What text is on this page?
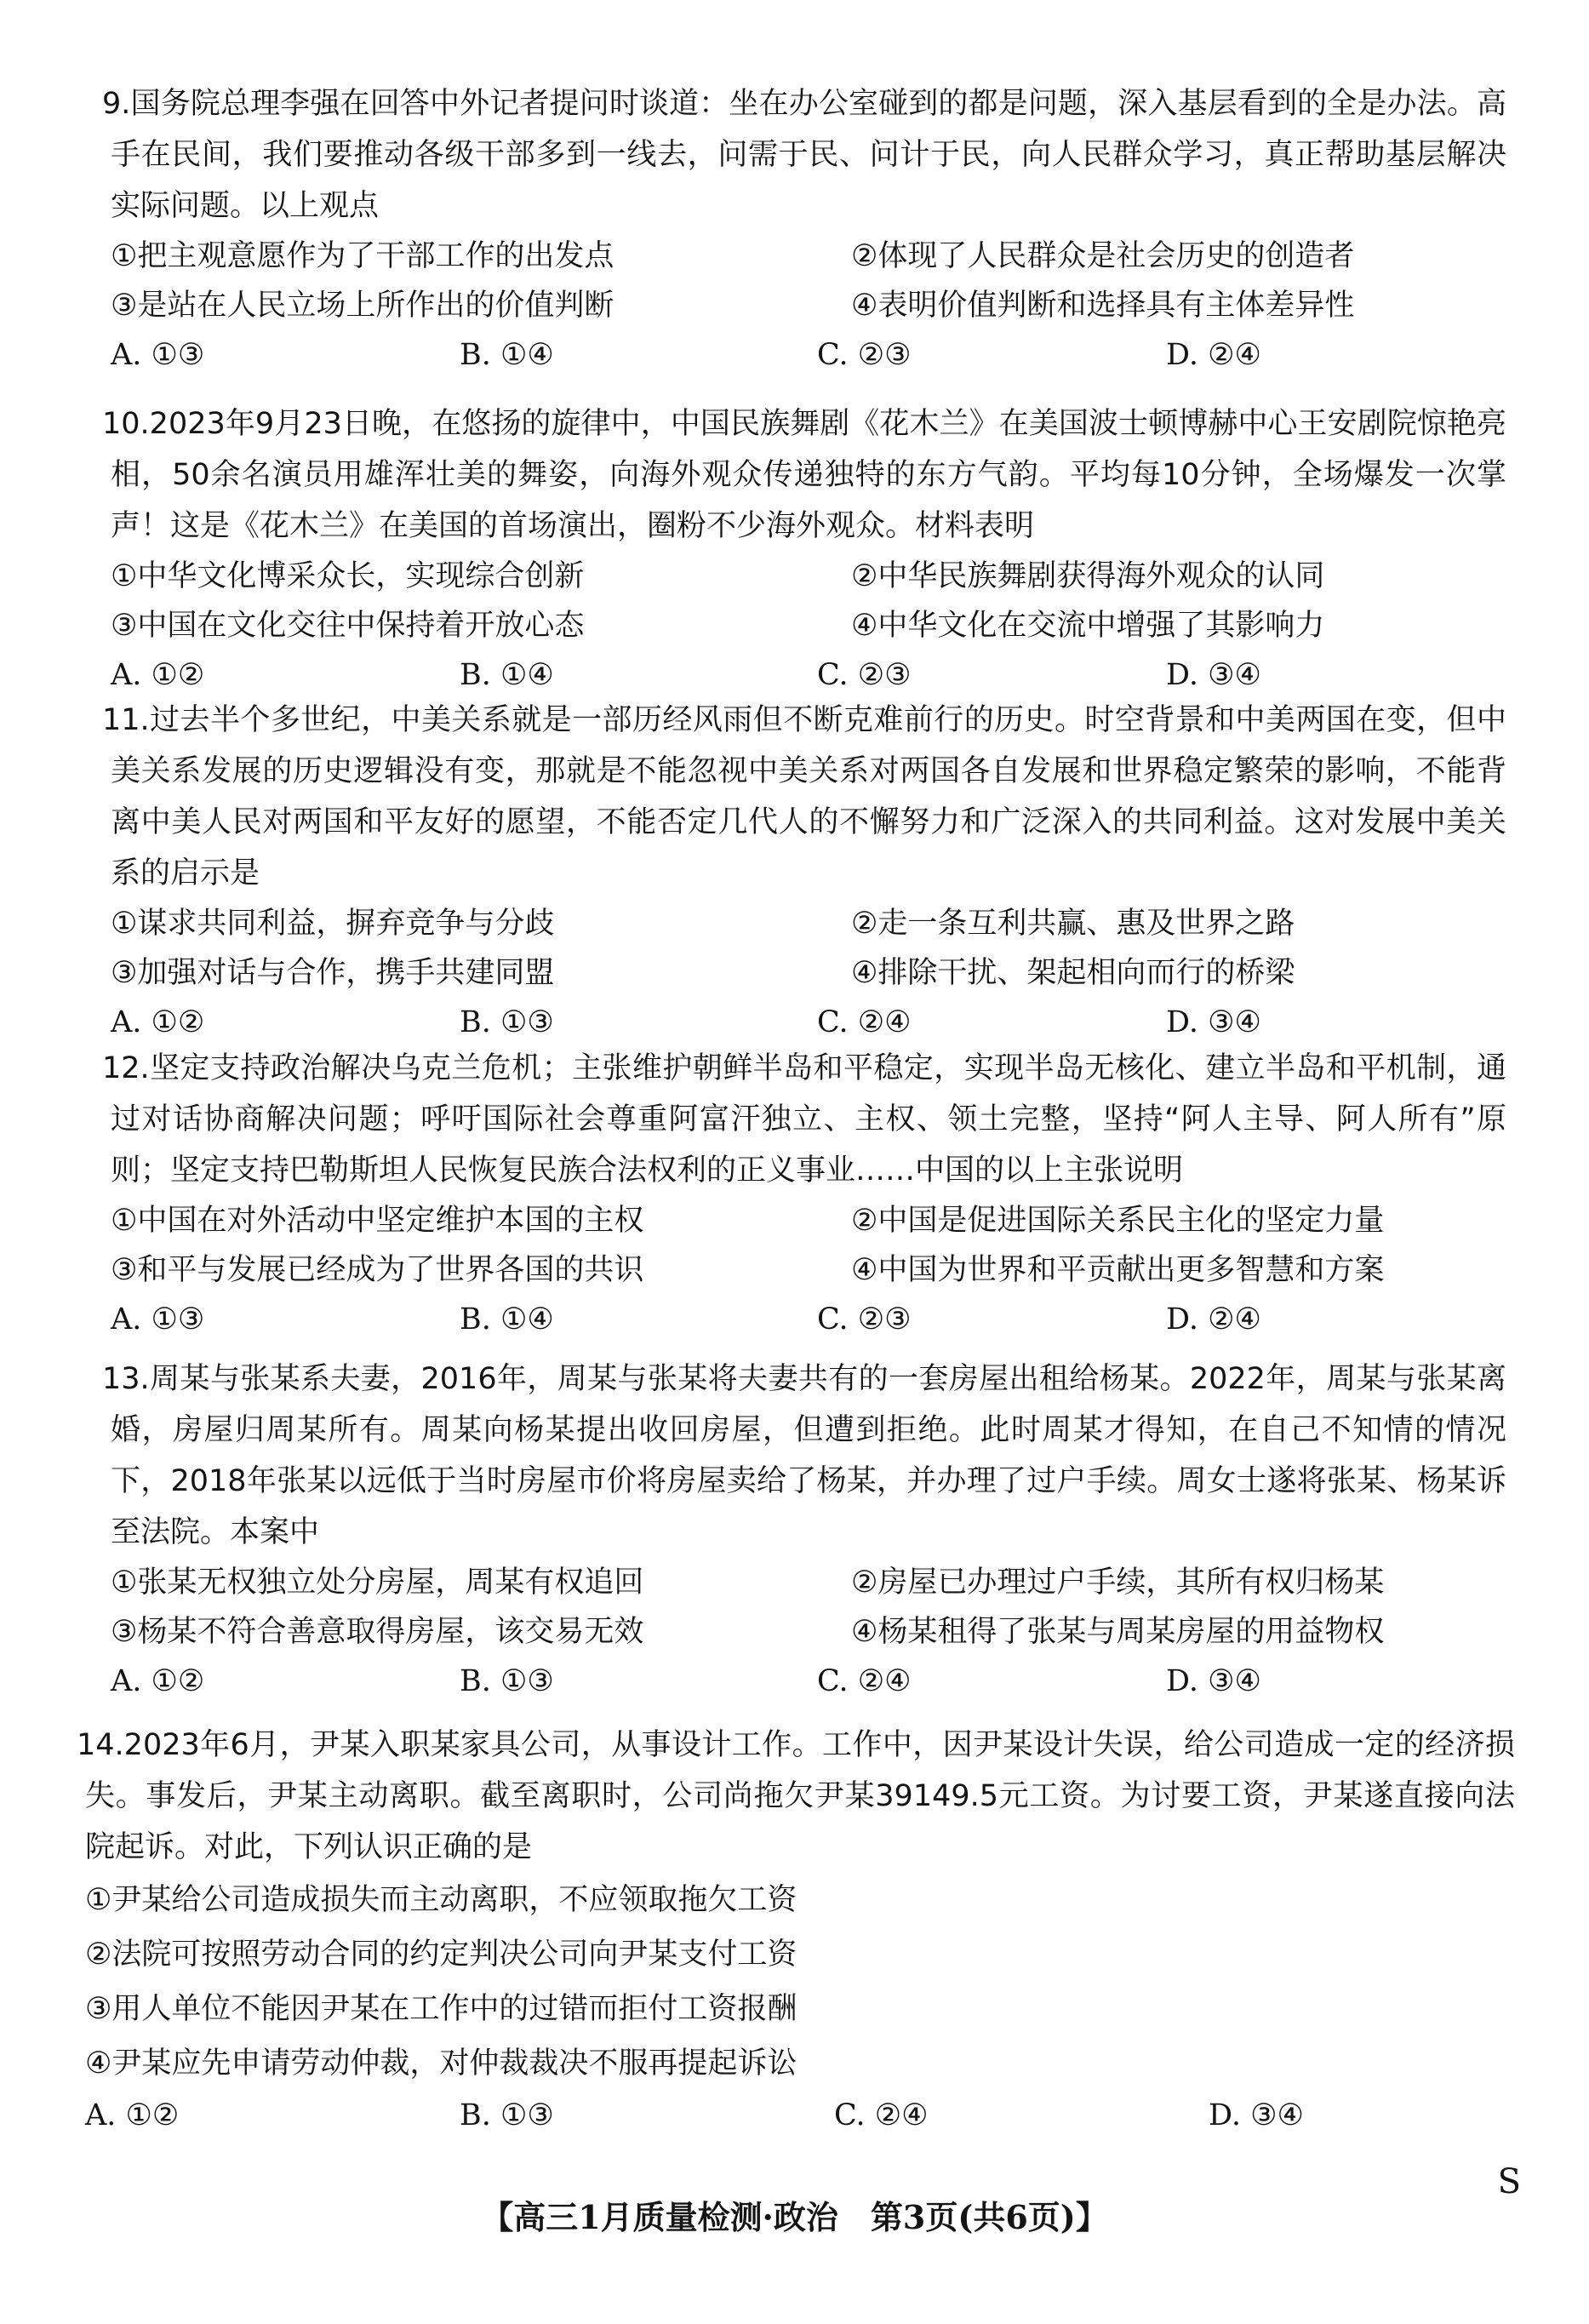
9.国务院总理李强在回答中外记者提问时谈道：坐在办公室碰到的都是问题，深入基层看到的全是办法。高手在民间，我们要推动各级干部多到一线去，问需于民、问计于民，向人民群众学习，真正帮助基层解决实际问题。以上观点

①把主观意愿作为了干部工作的出发点	②体现了人民群众是社会历史的创造者
③是站在人民立场上所作出的价值判断	④表明价值判断和选择具有主体差异性
A. ①③	B. ①④	C. ②③	D. ②④

10.2023年9月23日晚，在悠扬的旋律中，中国民族舞剧《花木兰》在美国波士顿博赫中心王安剧院惊艳亮相，50余名演员用雄浑壮美的舞姿，向海外观众传递独特的东方气韵。平均每10分钟，全场爆发一次掌声！这是《花木兰》在美国的首场演出，圈粉不少海外观众。材料表明

①中华文化博采众长，实现综合创新	②中华民族舞剧获得海外观众的认同
③中国在文化交往中保持着开放心态	④中华文化在交流中增强了其影响力
A. ①②	B. ①④	C. ②③	D. ③④

11.过去半个多世纪，中美关系就是一部历经风雨但不断克难前行的历史。时空背景和中美两国在变，但中美关系发展的历史逻辑没有变，那就是不能忽视中美关系对两国各自发展和世界稳定繁荣的影响，不能背离中美人民对两国和平友好的愿望，不能否定几代人的不懈努力和广泛深入的共同利益。这对发展中美关系的启示是

①谋求共同利益，摒弃竞争与分歧	②走一条互利共赢、惠及世界之路
③加强对话与合作，携手共建同盟	④排除干扰、架起相向而行的桥梁
A. ①②	B. ①③	C. ②④	D. ③④

12.坚定支持政治解决乌克兰危机；主张维护朝鲜半岛和平稳定，实现半岛无核化、建立半岛和平机制，通过对话协商解决问题；呼吁国际社会尊重阿富汗独立、主权、领土完整，坚持“阿人主导、阿人所有”原则；坚定支持巴勒斯坦人民恢复民族合法权利的正义事业……中国的以上主张说明

①中国在对外活动中坚定维护本国的主权	②中国是促进国际关系民主化的坚定力量
③和平与发展已经成为了世界各国的共识	④中国为世界和平贡献出更多智慧和方案
A. ①③	B. ①④	C. ②③	D. ②④

13.周某与张某系夫妻，2016年，周某与张某将夫妻共有的一套房屋出租给杨某。2022年，周某与张某离婚，房屋归周某所有。周某向杨某提出收回房屋，但遭到拒绝。此时周某才得知，在自己不知情的情况下，2018年张某以远低于当时房屋市价将房屋卖给了杨某，并办理了过户手续。周女士遂将张某、杨某诉至法院。本案中

①张某无权独立处分房屋，周某有权追回	②房屋已办理过户手续，其所有权归杨某
③杨某不符合善意取得房屋，该交易无效	④杨某租得了张某与周某房屋的用益物权
A. ①②	B. ①③	C. ②④	D. ③④

14.2023年6月，尹某入职某家具公司，从事设计工作。工作中，因尹某设计失误，给公司造成一定的经济损失。事发后，尹某主动离职。截至离职时，公司尚拖欠尹某39149.5元工资。为讨要工资，尹某遂直接向法院起诉。对此，下列认识正确的是

①尹某给公司造成损失而主动离职，不应领取拖欠工资
②法院可按照劳动合同的约定判决公司向尹某支付工资
③用人单位不能因尹某在工作中的过错而拒付工资报酬
④尹某应先申请劳动仲裁，对仲裁裁决不服再提起诉讼
A. ①②	B. ①③	C. ②④	D. ③④
S
【高三1月质量检测·政治　第3页(共6页)】
